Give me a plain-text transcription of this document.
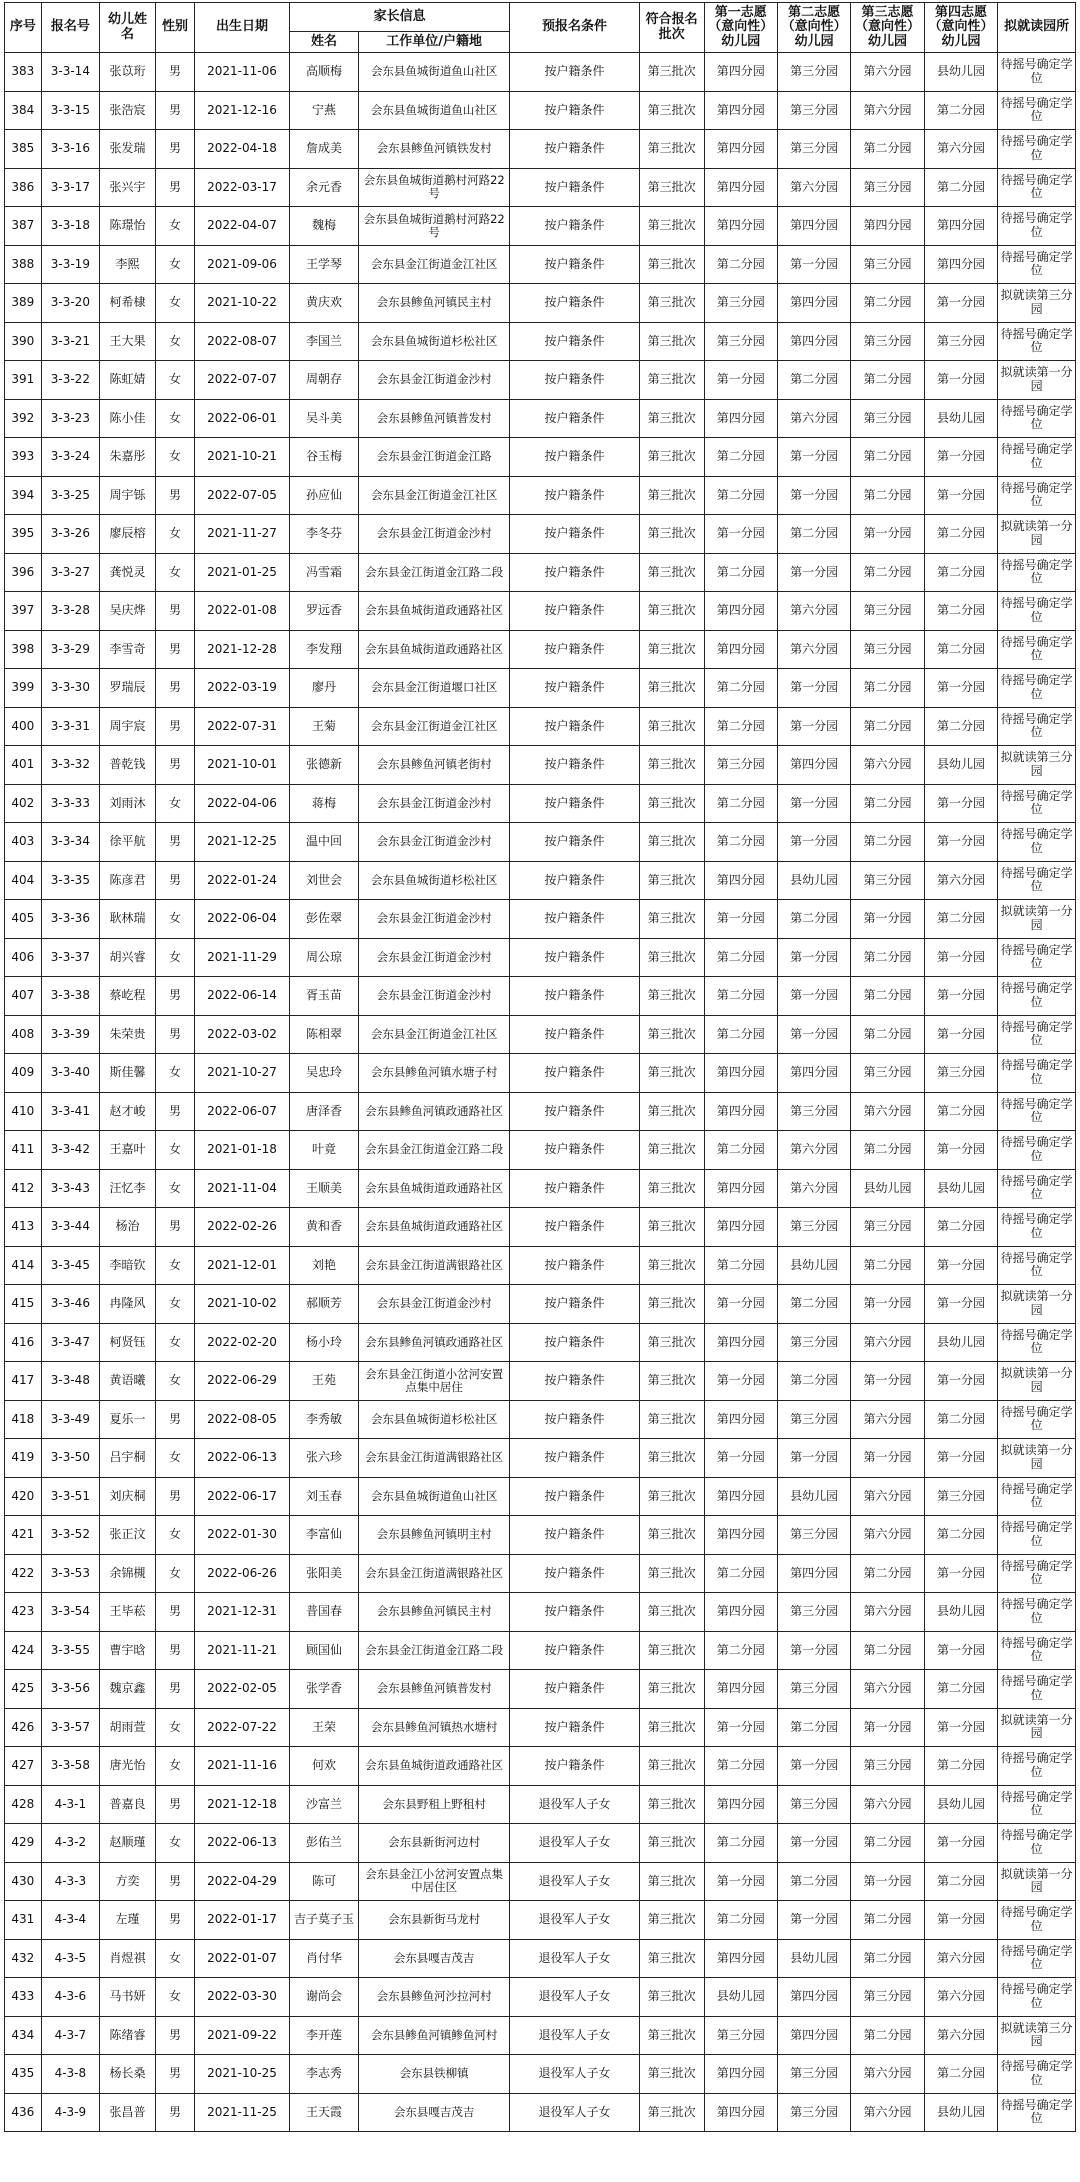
序号	报名号	幼儿姓名	性别	出生日期	家长信息		预报名条件	符合报名批次	第一志愿（意向性）幼儿园	第二志愿（意向性）幼儿园	第三志愿（意向性）幼儿园	第四志愿（意向性）幼儿园	拟就读园所
					姓名	工作单位/户籍地							
383	3-3-14	张苡珩	男	2021-11-06	高顺梅	会东县鱼城街道鱼山社区	按户籍条件	第三批次	第四分园	第三分园	第六分园	县幼儿园	待摇号确定学位
384	3-3-15	张浩宸	男	2021-12-16	宁燕	会东县鱼城街道鱼山社区	按户籍条件	第三批次	第四分园	第三分园	第六分园	第二分园	待摇号确定学位
385	3-3-16	张发瑞	男	2022-04-18	詹成美	会东县鲹鱼河镇铁发村	按户籍条件	第三批次	第四分园	第三分园	第二分园	第六分园	待摇号确定学位
386	3-3-17	张兴宇	男	2022-03-17	余元香	会东县鱼城街道鹅村河路22号	按户籍条件	第三批次	第四分园	第六分园	第三分园	第二分园	待摇号确定学位
387	3-3-18	陈璟怡	女	2022-04-07	魏梅	会东县鱼城街道鹅村河路22号	按户籍条件	第三批次	第四分园	第四分园	第四分园	第四分园	待摇号确定学位
388	3-3-19	李熙	女	2021-09-06	王学琴	会东县金江街道金江社区	按户籍条件	第三批次	第二分园	第一分园	第三分园	第四分园	待摇号确定学位
389	3-3-20	柯希棣	女	2021-10-22	黄庆欢	会东县鲹鱼河镇民主村	按户籍条件	第三批次	第三分园	第四分园	第二分园	第一分园	拟就读第三分园
390	3-3-21	王大果	女	2022-08-07	李国兰	会东县鱼城街道杉松社区	按户籍条件	第三批次	第三分园	第四分园	第三分园	第三分园	待摇号确定学位
391	3-3-22	陈虹婧	女	2022-07-07	周朝存	会东县金江街道金沙村	按户籍条件	第三批次	第一分园	第二分园	第二分园	第一分园	拟就读第一分园
392	3-3-23	陈小佳	女	2022-06-01	吴斗美	会东县鲹鱼河镇普发村	按户籍条件	第三批次	第四分园	第六分园	第三分园	县幼儿园	待摇号确定学位
393	3-3-24	朱嘉彤	女	2021-10-21	谷玉梅	会东县金江街道金江路	按户籍条件	第三批次	第二分园	第一分园	第二分园	第一分园	待摇号确定学位
394	3-3-25	周宇铄	男	2022-07-05	孙应仙	会东县金江街道金江社区	按户籍条件	第三批次	第二分园	第一分园	第二分园	第一分园	待摇号确定学位
395	3-3-26	廖辰榕	女	2021-11-27	李冬芬	会东县金江街道金沙村	按户籍条件	第三批次	第一分园	第二分园	第一分园	第二分园	拟就读第一分园
396	3-3-27	龚悦灵	女	2021-01-25	冯雪霜	会东县金江街道金江路二段	按户籍条件	第三批次	第二分园	第一分园	第二分园	第二分园	待摇号确定学位
397	3-3-28	吴庆烨	男	2022-01-08	罗远香	会东县鱼城街道政通路社区	按户籍条件	第三批次	第四分园	第六分园	第三分园	第二分园	待摇号确定学位
398	3-3-29	李雪奇	男	2021-12-28	李发翔	会东县鱼城街道政通路社区	按户籍条件	第三批次	第四分园	第六分园	第三分园	第二分园	待摇号确定学位
399	3-3-30	罗瑞辰	男	2022-03-19	廖丹	会东县金江街道堰口社区	按户籍条件	第三批次	第二分园	第一分园	第二分园	第一分园	待摇号确定学位
400	3-3-31	周宇宸	男	2022-07-31	王菊	会东县金江街道金江社区	按户籍条件	第三批次	第二分园	第一分园	第二分园	第二分园	待摇号确定学位
401	3-3-32	普乾钱	男	2021-10-01	张德新	会东县鲹鱼河镇老街村	按户籍条件	第三批次	第三分园	第四分园	第六分园	县幼儿园	拟就读第三分园
402	3-3-33	刘雨沐	女	2022-04-06	蒋梅	会东县金江街道金沙村	按户籍条件	第三批次	第二分园	第一分园	第二分园	第一分园	待摇号确定学位
403	3-3-34	徐平航	男	2021-12-25	温中回	会东县金江街道金沙村	按户籍条件	第三批次	第二分园	第一分园	第二分园	第一分园	待摇号确定学位
404	3-3-35	陈彦君	男	2022-01-24	刘世会	会东县鱼城街道杉松社区	按户籍条件	第三批次	第四分园	县幼儿园	第三分园	第六分园	待摇号确定学位
405	3-3-36	耿林瑞	女	2022-06-04	彭佐翠	会东县金江街道金沙村	按户籍条件	第三批次	第一分园	第二分园	第一分园	第二分园	拟就读第一分园
406	3-3-37	胡兴睿	女	2021-11-29	周公琼	会东县金江街道金沙村	按户籍条件	第三批次	第二分园	第一分园	第二分园	第一分园	待摇号确定学位
407	3-3-38	蔡屹程	男	2022-06-14	胥玉苗	会东县金江街道金沙村	按户籍条件	第三批次	第二分园	第一分园	第二分园	第一分园	待摇号确定学位
408	3-3-39	朱荣贵	男	2022-03-02	陈相翠	会东县金江街道金江社区	按户籍条件	第三批次	第二分园	第一分园	第二分园	第一分园	待摇号确定学位
409	3-3-40	斯佳馨	女	2021-10-27	吴忠玲	会东县鲹鱼河镇水塘子村	按户籍条件	第三批次	第四分园	第四分园	第三分园	第三分园	待摇号确定学位
410	3-3-41	赵才峻	男	2022-06-07	唐泽香	会东县鲹鱼河镇政通路社区	按户籍条件	第三批次	第四分园	第三分园	第六分园	第二分园	待摇号确定学位
411	3-3-42	王嘉叶	女	2021-01-18	叶竟	会东县金江街道金江路二段	按户籍条件	第三批次	第二分园	第六分园	第二分园	第一分园	待摇号确定学位
412	3-3-43	汪忆李	女	2021-11-04	王顺美	会东县鱼城街道政通路社区	按户籍条件	第三批次	第四分园	第六分园	县幼儿园	县幼儿园	待摇号确定学位
413	3-3-44	杨治	男	2022-02-26	黄和香	会东县鱼城街道政通路社区	按户籍条件	第三批次	第四分园	第三分园	第三分园	第二分园	待摇号确定学位
414	3-3-45	李暗钦	女	2021-12-01	刘艳	会东县金江街道满银路社区	按户籍条件	第三批次	第二分园	县幼儿园	第二分园	第一分园	待摇号确定学位
415	3-3-46	冉隆风	女	2021-10-02	郝顺芳	会东县金江街道金沙村	按户籍条件	第三批次	第一分园	第二分园	第一分园	第一分园	拟就读第一分园
416	3-3-47	柯贤钰	女	2022-02-20	杨小玲	会东县鲹鱼河镇政通路社区	按户籍条件	第三批次	第四分园	第三分园	第六分园	县幼儿园	待摇号确定学位
417	3-3-48	黄语曦	女	2022-06-29	王苑	会东县金江街道小岔河安置点集中居住	按户籍条件	第三批次	第一分园	第二分园	第一分园	第一分园	拟就读第一分园
418	3-3-49	夏乐一	男	2022-08-05	李秀敏	会东县鱼城街道杉松社区	按户籍条件	第三批次	第四分园	第三分园	第六分园	第二分园	待摇号确定学位
419	3-3-50	吕宇桐	女	2022-06-13	张六珍	会东县金江街道满银路社区	按户籍条件	第三批次	第一分园	第一分园	第一分园	第一分园	拟就读第一分园
420	3-3-51	刘庆桐	男	2022-06-17	刘玉春	会东县鱼城街道鱼山社区	按户籍条件	第三批次	第四分园	县幼儿园	第六分园	第三分园	待摇号确定学位
421	3-3-52	张正汶	女	2022-01-30	李富仙	会东县鲹鱼河镇明主村	按户籍条件	第三批次	第四分园	第三分园	第六分园	第二分园	待摇号确定学位
422	3-3-53	余锦槻	女	2022-06-26	张阳美	会东县金江街道满银路社区	按户籍条件	第三批次	第二分园	第四分园	第二分园	第一分园	待摇号确定学位
423	3-3-54	王毕菘	男	2021-12-31	普国春	会东县鲹鱼河镇民主村	按户籍条件	第三批次	第四分园	第三分园	第六分园	县幼儿园	待摇号确定学位
424	3-3-55	曹宇晗	男	2021-11-21	顾国仙	会东县金江街道金江路二段	按户籍条件	第三批次	第二分园	第一分园	第二分园	第一分园	待摇号确定学位
425	3-3-56	魏京鑫	男	2022-02-05	张学香	会东县鲹鱼河镇普发村	按户籍条件	第三批次	第四分园	第三分园	第六分园	第二分园	待摇号确定学位
426	3-3-57	胡雨萱	女	2022-07-22	王荣	会东县鲹鱼河镇热水塘村	按户籍条件	第三批次	第一分园	第二分园	第一分园	第一分园	拟就读第一分园
427	3-3-58	唐光怡	女	2021-11-16	何欢	会东县鱼城街道政通路社区	按户籍条件	第三批次	第二分园	第一分园	第三分园	第二分园	待摇号确定学位
428	4-3-1	普嘉良	男	2021-12-18	沙富兰	会东县野租上野租村	退役军人子女	第三批次	第四分园	第三分园	第六分园	县幼儿园	待摇号确定学位
429	4-3-2	赵顺瑾	女	2022-06-13	彭佑兰	会东县新街河边村	退役军人子女	第三批次	第二分园	第一分园	第二分园	第一分园	待摇号确定学位
430	4-3-3	方奕	男	2022-04-29	陈可	会东县金江小岔河安置点集中居住区	退役军人子女	第三批次	第一分园	第二分园	第一分园	第二分园	拟就读第一分园
431	4-3-4	左瑾	男	2022-01-17	吉子莫子玉	会东县新街马龙村	退役军人子女	第三批次	第二分园	第一分园	第二分园	第一分园	待摇号确定学位
432	4-3-5	肖煜祺	女	2022-01-07	肖付华	会东县嘎吉茂吉	退役军人子女	第三批次	第四分园	县幼儿园	第二分园	第六分园	待摇号确定学位
433	4-3-6	马书妍	女	2022-03-30	谢尚会	会东县鲹鱼河沙拉河村	退役军人子女	第三批次	县幼儿园	第四分园	第三分园	第六分园	待摇号确定学位
434	4-3-7	陈绪睿	男	2021-09-22	李开莲	会东县鲹鱼河镇鲹鱼河村	退役军人子女	第三批次	第三分园	第四分园	第二分园	第六分园	拟就读第三分园
435	4-3-8	杨长桑	男	2021-10-25	李志秀	会东县铁柳镇	退役军人子女	第三批次	第四分园	第三分园	第六分园	第二分园	待摇号确定学位
436	4-3-9	张昌普	男	2021-11-25	王天霞	会东县嘎吉茂吉	退役军人子女	第三批次	第四分园	第三分园	第六分园	县幼儿园	待摇号确定学位
